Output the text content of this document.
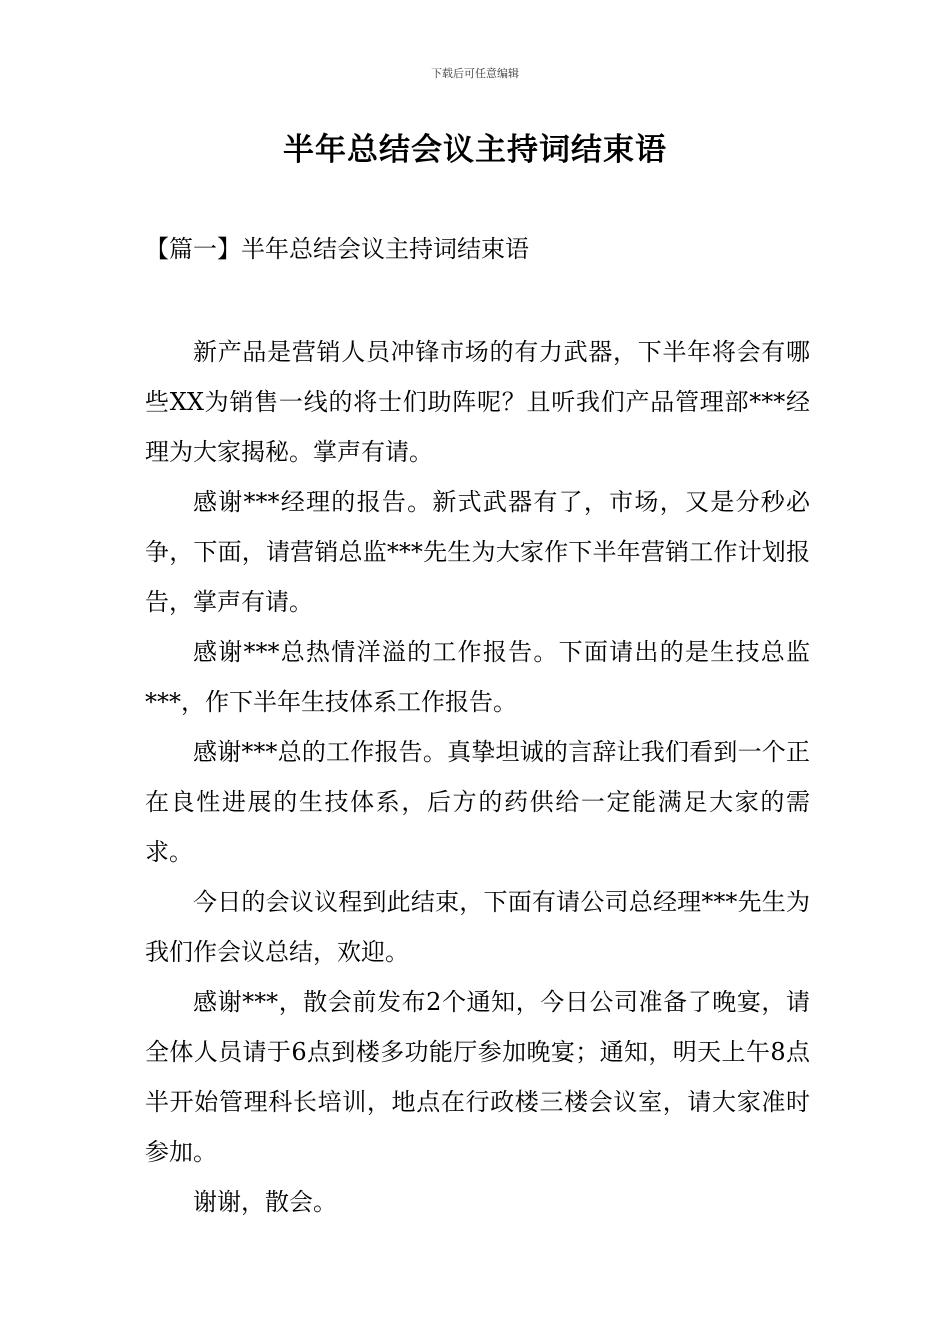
下载后可任意编辑
半年总结会议主持词结束语
【篇一】半年总结会议主持词结束语

新产品是营销人员冲锋市场的有力武器，下半年将会有哪些XX为销售一线的将士们助阵呢？且听我们产品管理部***经理为大家揭秘。掌声有请。

感谢***经理的报告。新式武器有了，市场，又是分秒必争，下面，请营销总监***先生为大家作下半年营销工作计划报告，掌声有请。

感谢***总热情洋溢的工作报告。下面请出的是生技总监***，作下半年生技体系工作报告。

感谢***总的工作报告。真挚坦诚的言辞让我们看到一个正在良性进展的生技体系，后方的药供给一定能满足大家的需求。

今日的会议议程到此结束，下面有请公司总经理***先生为我们作会议总结，欢迎。

感谢***，散会前发布2个通知，今日公司准备了晚宴，请全体人员请于6点到楼多功能厅参加晚宴；通知，明天上午8点半开始管理科长培训，地点在行政楼三楼会议室，请大家准时参加。

谢谢，散会。
